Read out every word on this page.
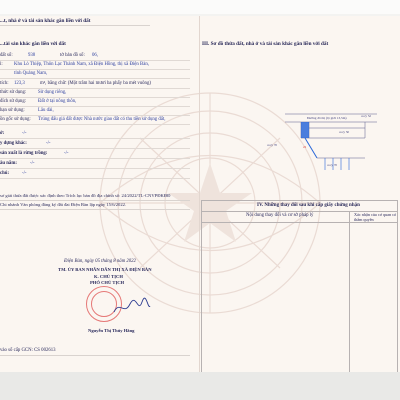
...t, nhà ở và tài sản khác gắn liền với đất
...tài sản khác gắn liền với đất
đất số:	938	tờ bản đồ số: 06,
ỉ: Khu Lò Thiệp, Thôn Lạc Thành Nam, xã Điện Hồng, thị xã Điện Bàn,
tỉnh Quảng Nam,
tích: 123,3	m², bằng chữ: (Một trăm hai mươi ba phẩy ba mét vuông)
thức sử dụng: Sử dụng riêng,
đích sử dụng: Đất ở tại nông thôn,
hạn sử dụng:	Lâu dài,
ồn gốc sử dụng: Trúng đấu giá đất được Nhà nước giao đất có thu tiền sử dụng đất,
ở:	-/-
y dựng khác:	-/-
sản xuất là rừng trồng:	-/-
âu năm:	-/-
chú:	-/-
sơ giải thửa đất được xác định theo Trích lục bản đồ địa chính số: 24/2022/TL-CNVPĐKĐĐ
Chi nhánh Văn phòng đăng ký đất đai Điện Bàn lập ngày 15/6/2022.
Điện Bàn, ngày 05 tháng 8 năm 2022
TM. ỦY BAN NHÂN DÂN THỊ XÃ ĐIỆN BÀN
K. CHỦ TỊCH
PHÓ CHỦ TỊCH
Nguyễn Thị Thúy Hằng
vào sổ cấp GCN: CS 002613
III. Sơ đồ thửa đất, nhà ở và tài sản khác gắn liền với đất
Đường đô thị (lộ giới 13,5m)
cocy 50
cocy 70	22
cocy 52
cocy 70
IV. Những thay đổi sau khi cấp giấy chứng nhận
Nội dung thay đổi và cơ sở pháp lý	Xác nhận của cơ quan có thẩm quyền
